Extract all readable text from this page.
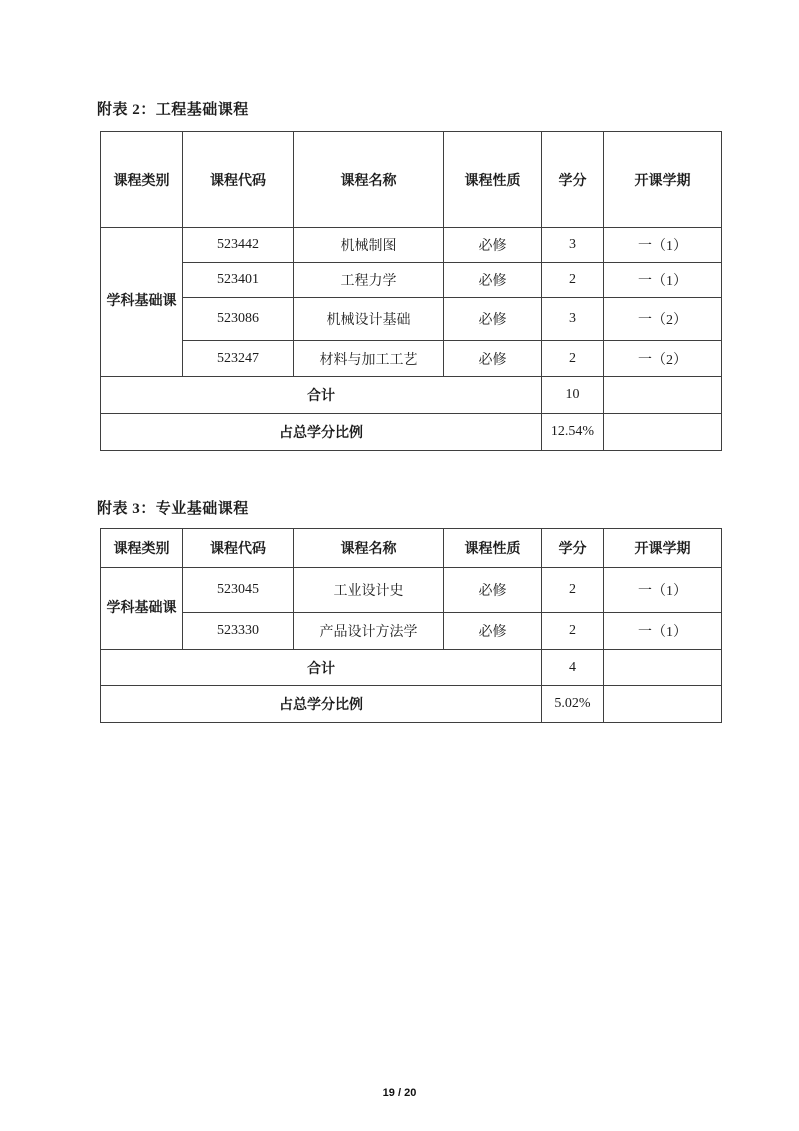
附表 2：工程基础课程
课程类别	课程代码	课程名称	课程性质	学分	开课学期
学科基础课	523442	机械制图	必修	3	一（1）
	523401	工程力学	必修	2	一（1）
	523086	机械设计基础	必修	3	一（2）
	523247	材料与加工工艺	必修	2	一（2）
合计				10	
占总学分比例				12.54%	
附表 3：专业基础课程
课程类别	课程代码	课程名称	课程性质	学分	开课学期
学科基础课	523045	工业设计史	必修	2	一（1）
	523330	产品设计方法学	必修	2	一（1）
合计				4	
占总学分比例				5.02%	
19 / 20
